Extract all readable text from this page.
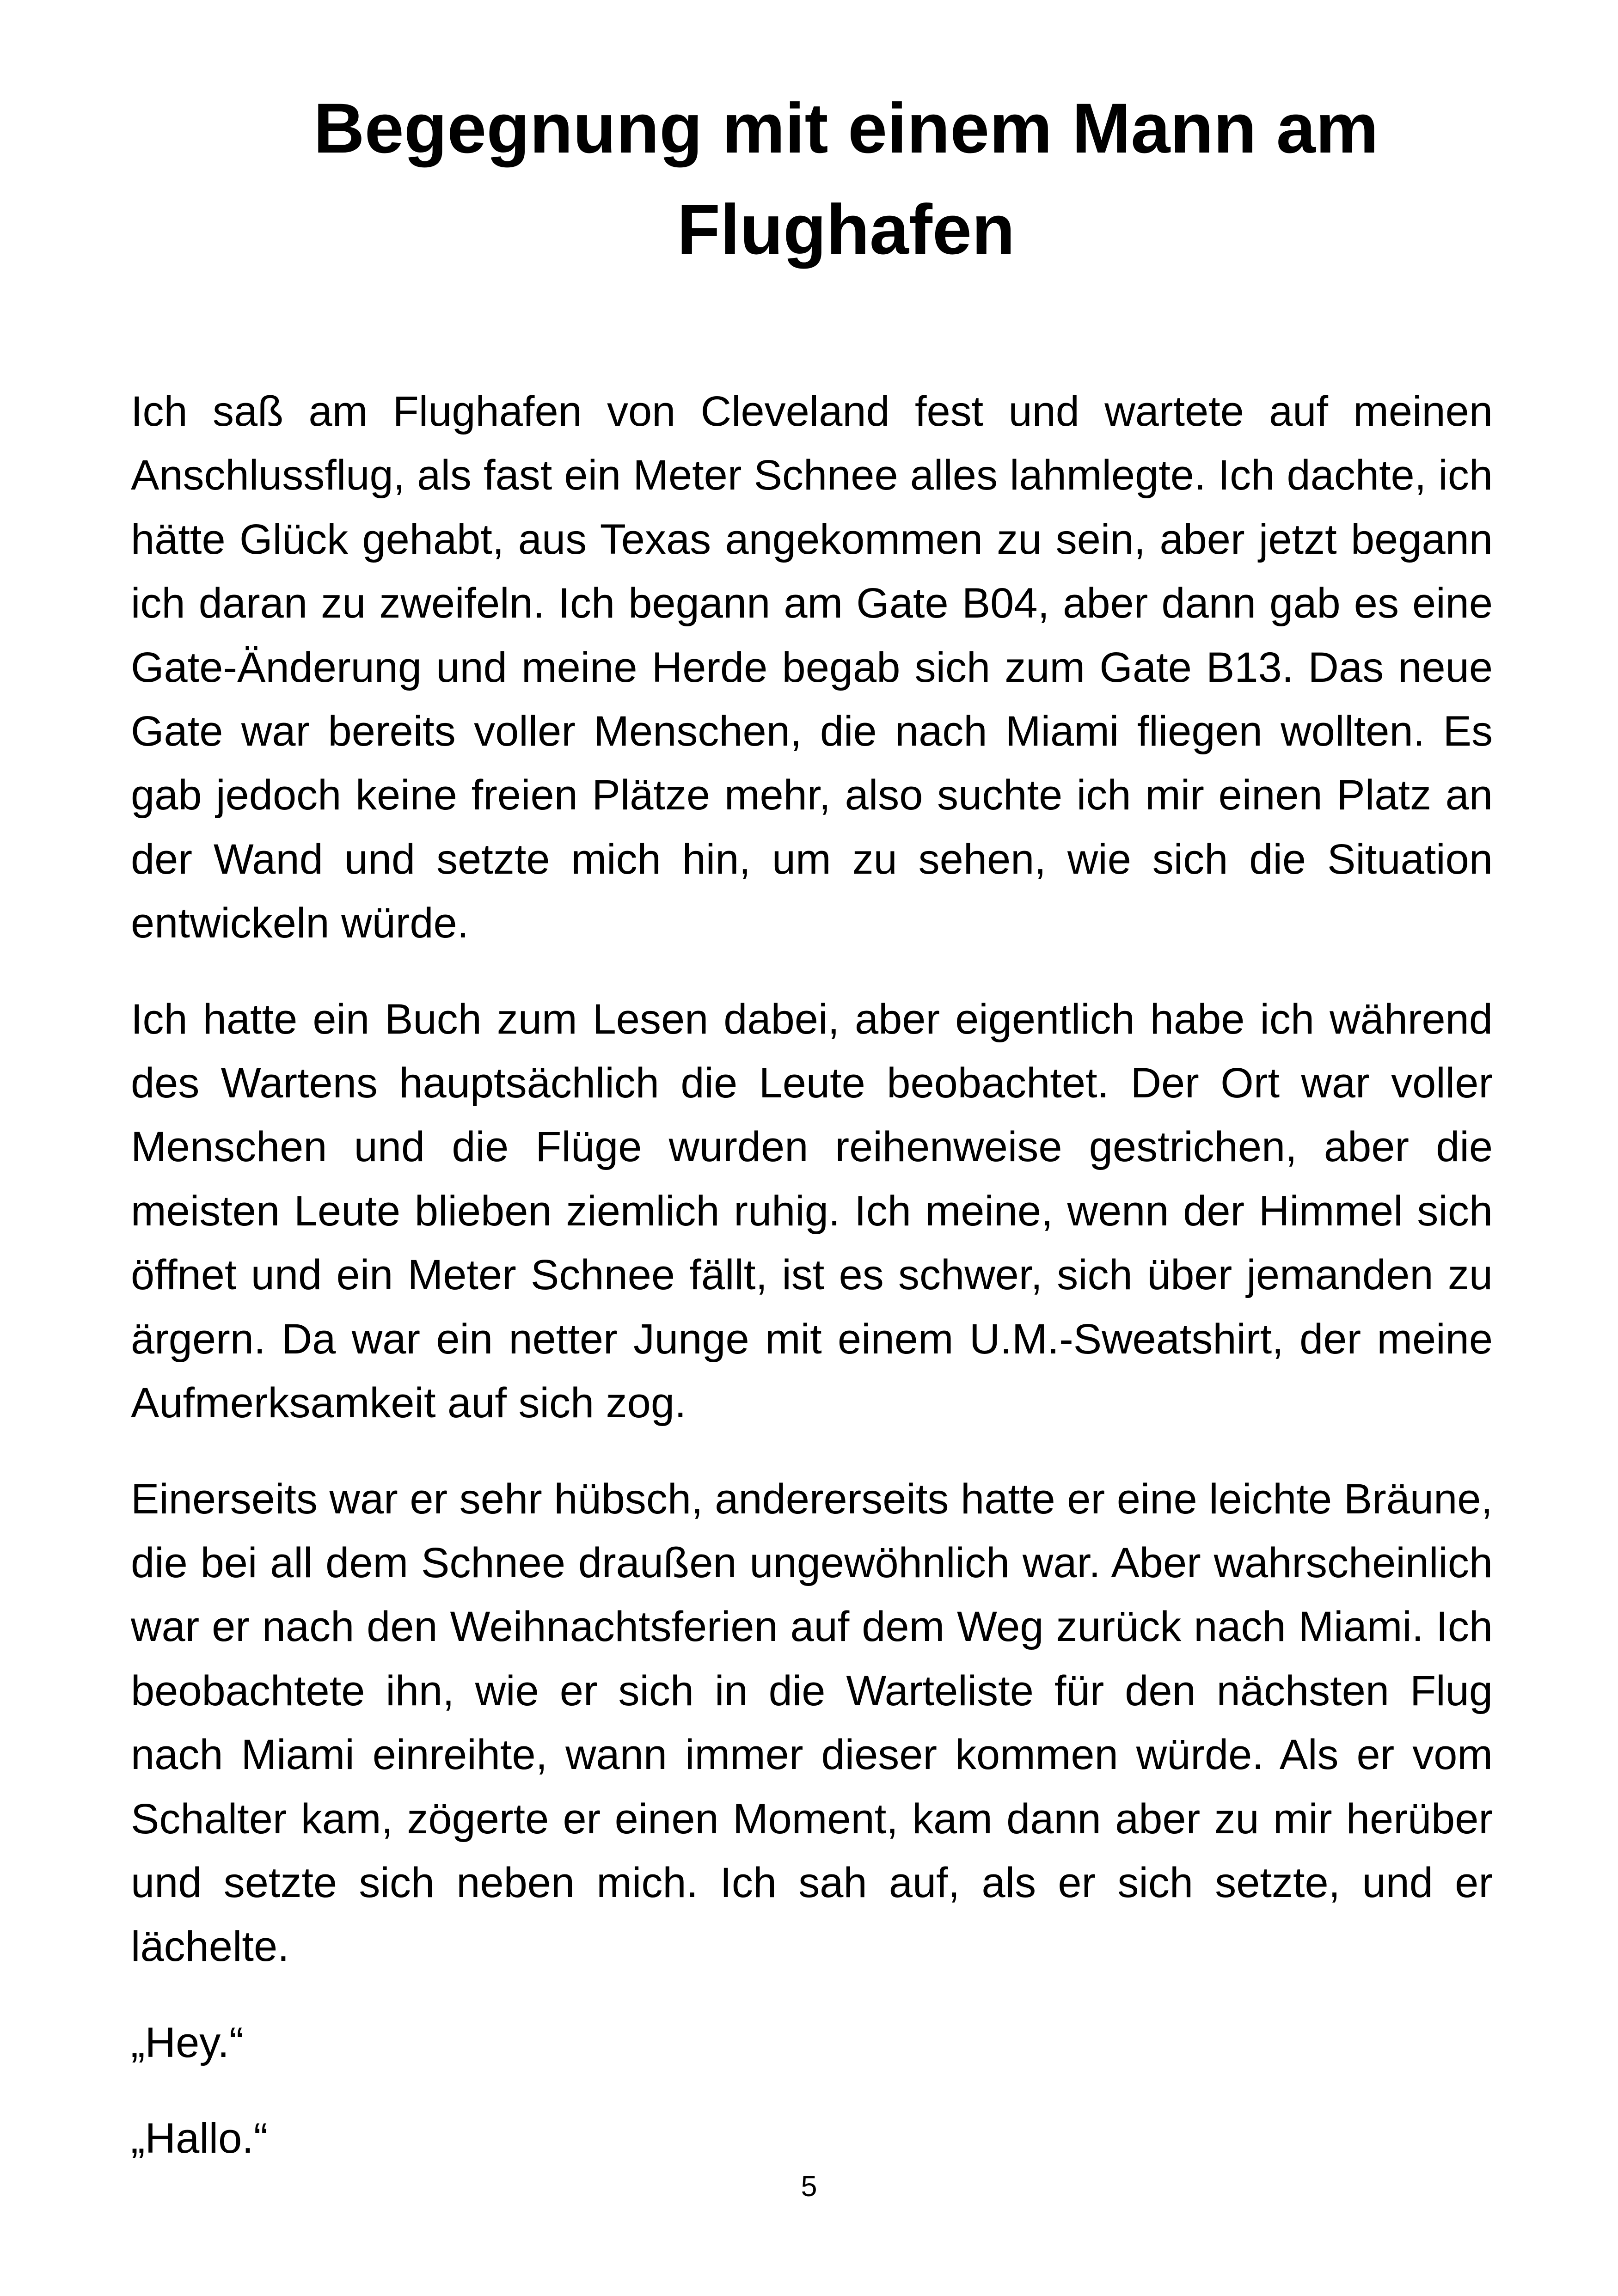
Begegnung mit einem Mann am Flughafen

Ich saß am Flughafen von Cleveland fest und wartete auf meinen Anschlussflug, als fast ein Meter Schnee alles lahmlegte. Ich dachte, ich hätte Glück gehabt, aus Texas angekommen zu sein, aber jetzt begann ich daran zu zweifeln. Ich begann am Gate B04, aber dann gab es eine Gate-Änderung und meine Herde begab sich zum Gate B13. Das neue Gate war bereits voller Menschen, die nach Miami fliegen wollten. Es gab jedoch keine freien Plätze mehr, also suchte ich mir einen Platz an der Wand und setzte mich hin, um zu sehen, wie sich die Situation entwickeln würde.

Ich hatte ein Buch zum Lesen dabei, aber eigentlich habe ich während des Wartens hauptsächlich die Leute beobachtet. Der Ort war voller Menschen und die Flüge wurden reihenweise gestrichen, aber die meisten Leute blieben ziemlich ruhig. Ich meine, wenn der Himmel sich öffnet und ein Meter Schnee fällt, ist es schwer, sich über jemanden zu ärgern. Da war ein netter Junge mit einem U.M.-Sweatshirt, der meine Aufmerksamkeit auf sich zog.

Einerseits war er sehr hübsch, andererseits hatte er eine leichte Bräune, die bei all dem Schnee draußen ungewöhnlich war. Aber wahrscheinlich war er nach den Weihnachtsferien auf dem Weg zurück nach Miami. Ich beobachtete ihn, wie er sich in die Warteliste für den nächsten Flug nach Miami einreihte, wann immer dieser kommen würde. Als er vom Schalter kam, zögerte er einen Moment, kam dann aber zu mir herüber und setzte sich neben mich. Ich sah auf, als er sich setzte, und er lächelte.

„Hey.“

„Hallo.“

5
